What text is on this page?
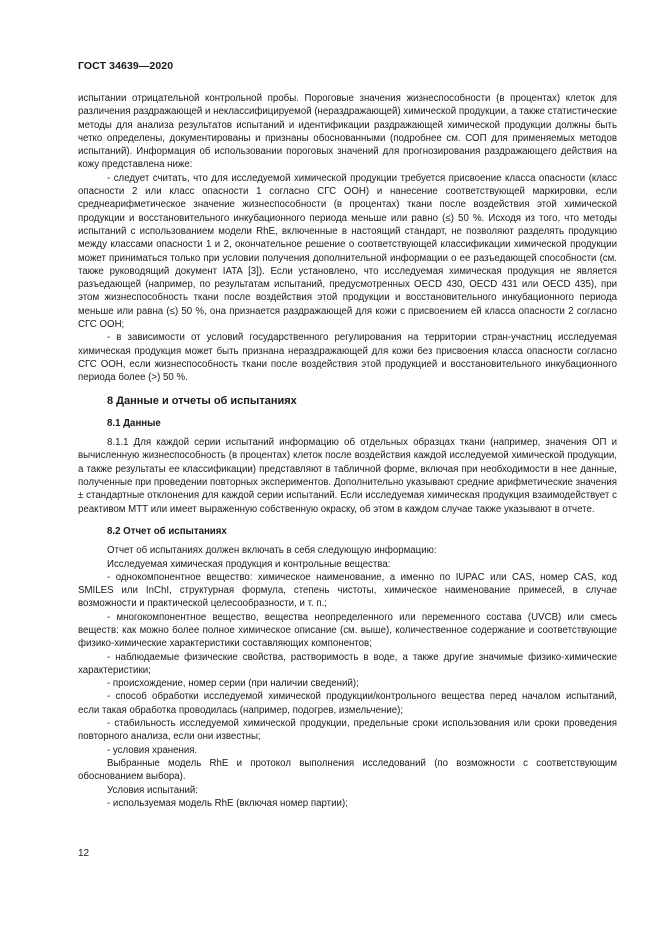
ГОСТ 34639—2020

испытании отрицательной контрольной пробы. Пороговые значения жизнеспособности (в процентах) клеток для различения раздражающей и неклассифицируемой (нераздражающей) химической продукции, а также статистические методы для анализа результатов испытаний и идентификации раздражающей химической продукции должны быть четко определены, документированы и признаны обоснованными (подробнее см. СОП для применяемых методов испытаний). Информация об использовании пороговых значений для прогнозирования раздражающего действия на кожу представлена ниже:

- следует считать, что для исследуемой химической продукции требуется присвоение класса опасности (класс опасности 2 или класс опасности 1 согласно СГС ООН) и нанесение соответствующей маркировки, если среднеарифметическое значение жизнеспособности (в процентах) ткани после воздействия этой химической продукции и восстановительного инкубационного периода меньше или равно (≤) 50 %. Исходя из того, что методы испытаний с использованием модели RhE, включенные в настоящий стандарт, не позволяют разделять продукцию между классами опасности 1 и 2, окончательное решение о соответствующей классификации химической продукции может приниматься только при условии получения дополнительной информации о ее разъедающей способности (см. также руководящий документ IATA [3]). Если установлено, что исследуемая химическая продукция не является разъедающей (например, по результатам испытаний, предусмотренных OECD 430, OECD 431 или OECD 435), при этом жизнеспособность ткани после воздействия этой продукции и восстановительного инкубационного периода меньше или равна (≤) 50 %, она признается раздражающей для кожи с присвоением ей класса опасности 2 согласно СГС ООН;

- в зависимости от условий государственного регулирования на территории стран-участниц исследуемая химическая продукция может быть признана нераздражающей для кожи без присвоения класса опасности согласно СГС ООН, если жизнеспособность ткани после воздействия этой продукцией и восстановительного инкубационного периода более (>) 50 %.

8 Данные и отчеты об испытаниях
8.1 Данные

8.1.1 Для каждой серии испытаний информацию об отдельных образцах ткани (например, значения ОП и вычисленную жизнеспособность (в процентах) клеток после воздействия каждой исследуемой химической продукции, а также результаты ее классификации) представляют в табличной форме, включая при необходимости в нее данные, полученные при проведении повторных экспериментов. Дополнительно указывают средние арифметические значения ± стандартные отклонения для каждой серии испытаний. Если исследуемая химическая продукция взаимодействует с реактивом МТТ или имеет выраженную собственную окраску, об этом в каждом случае также указывают в отчете.

8.2 Отчет об испытаниях

Отчет об испытаниях должен включать в себя следующую информацию:

Исследуемая химическая продукция и контрольные вещества:

- однокомпонентное вещество: химическое наименование, а именно по IUPAC или CAS, номер CAS, код SMILES или InChI, структурная формула, степень чистоты, химическое наименование примесей, в случае возможности и практической целесообразности, и т. п.;

- многокомпонентное вещество, вещества неопределенного или переменного состава (UVCB) или смесь веществ: как можно более полное химическое описание (см. выше), количественное содержание и соответствующие физико-химические характеристики составляющих компонентов;

- наблюдаемые физические свойства, растворимость в воде, а также другие значимые физико-химические характеристики;

- происхождение, номер серии (при наличии сведений);

- способ обработки исследуемой химической продукции/контрольного вещества перед началом испытаний, если такая обработка проводилась (например, подогрев, измельчение);

- стабильность исследуемой химической продукции, предельные сроки использования или сроки проведения повторного анализа, если они известны;

- условия хранения.

Выбранные модель RhE и протокол выполнения исследований (по возможности с соответствующим обоснованием выбора).

Условия испытаний:

- используемая модель RhE (включая номер партии);

12
